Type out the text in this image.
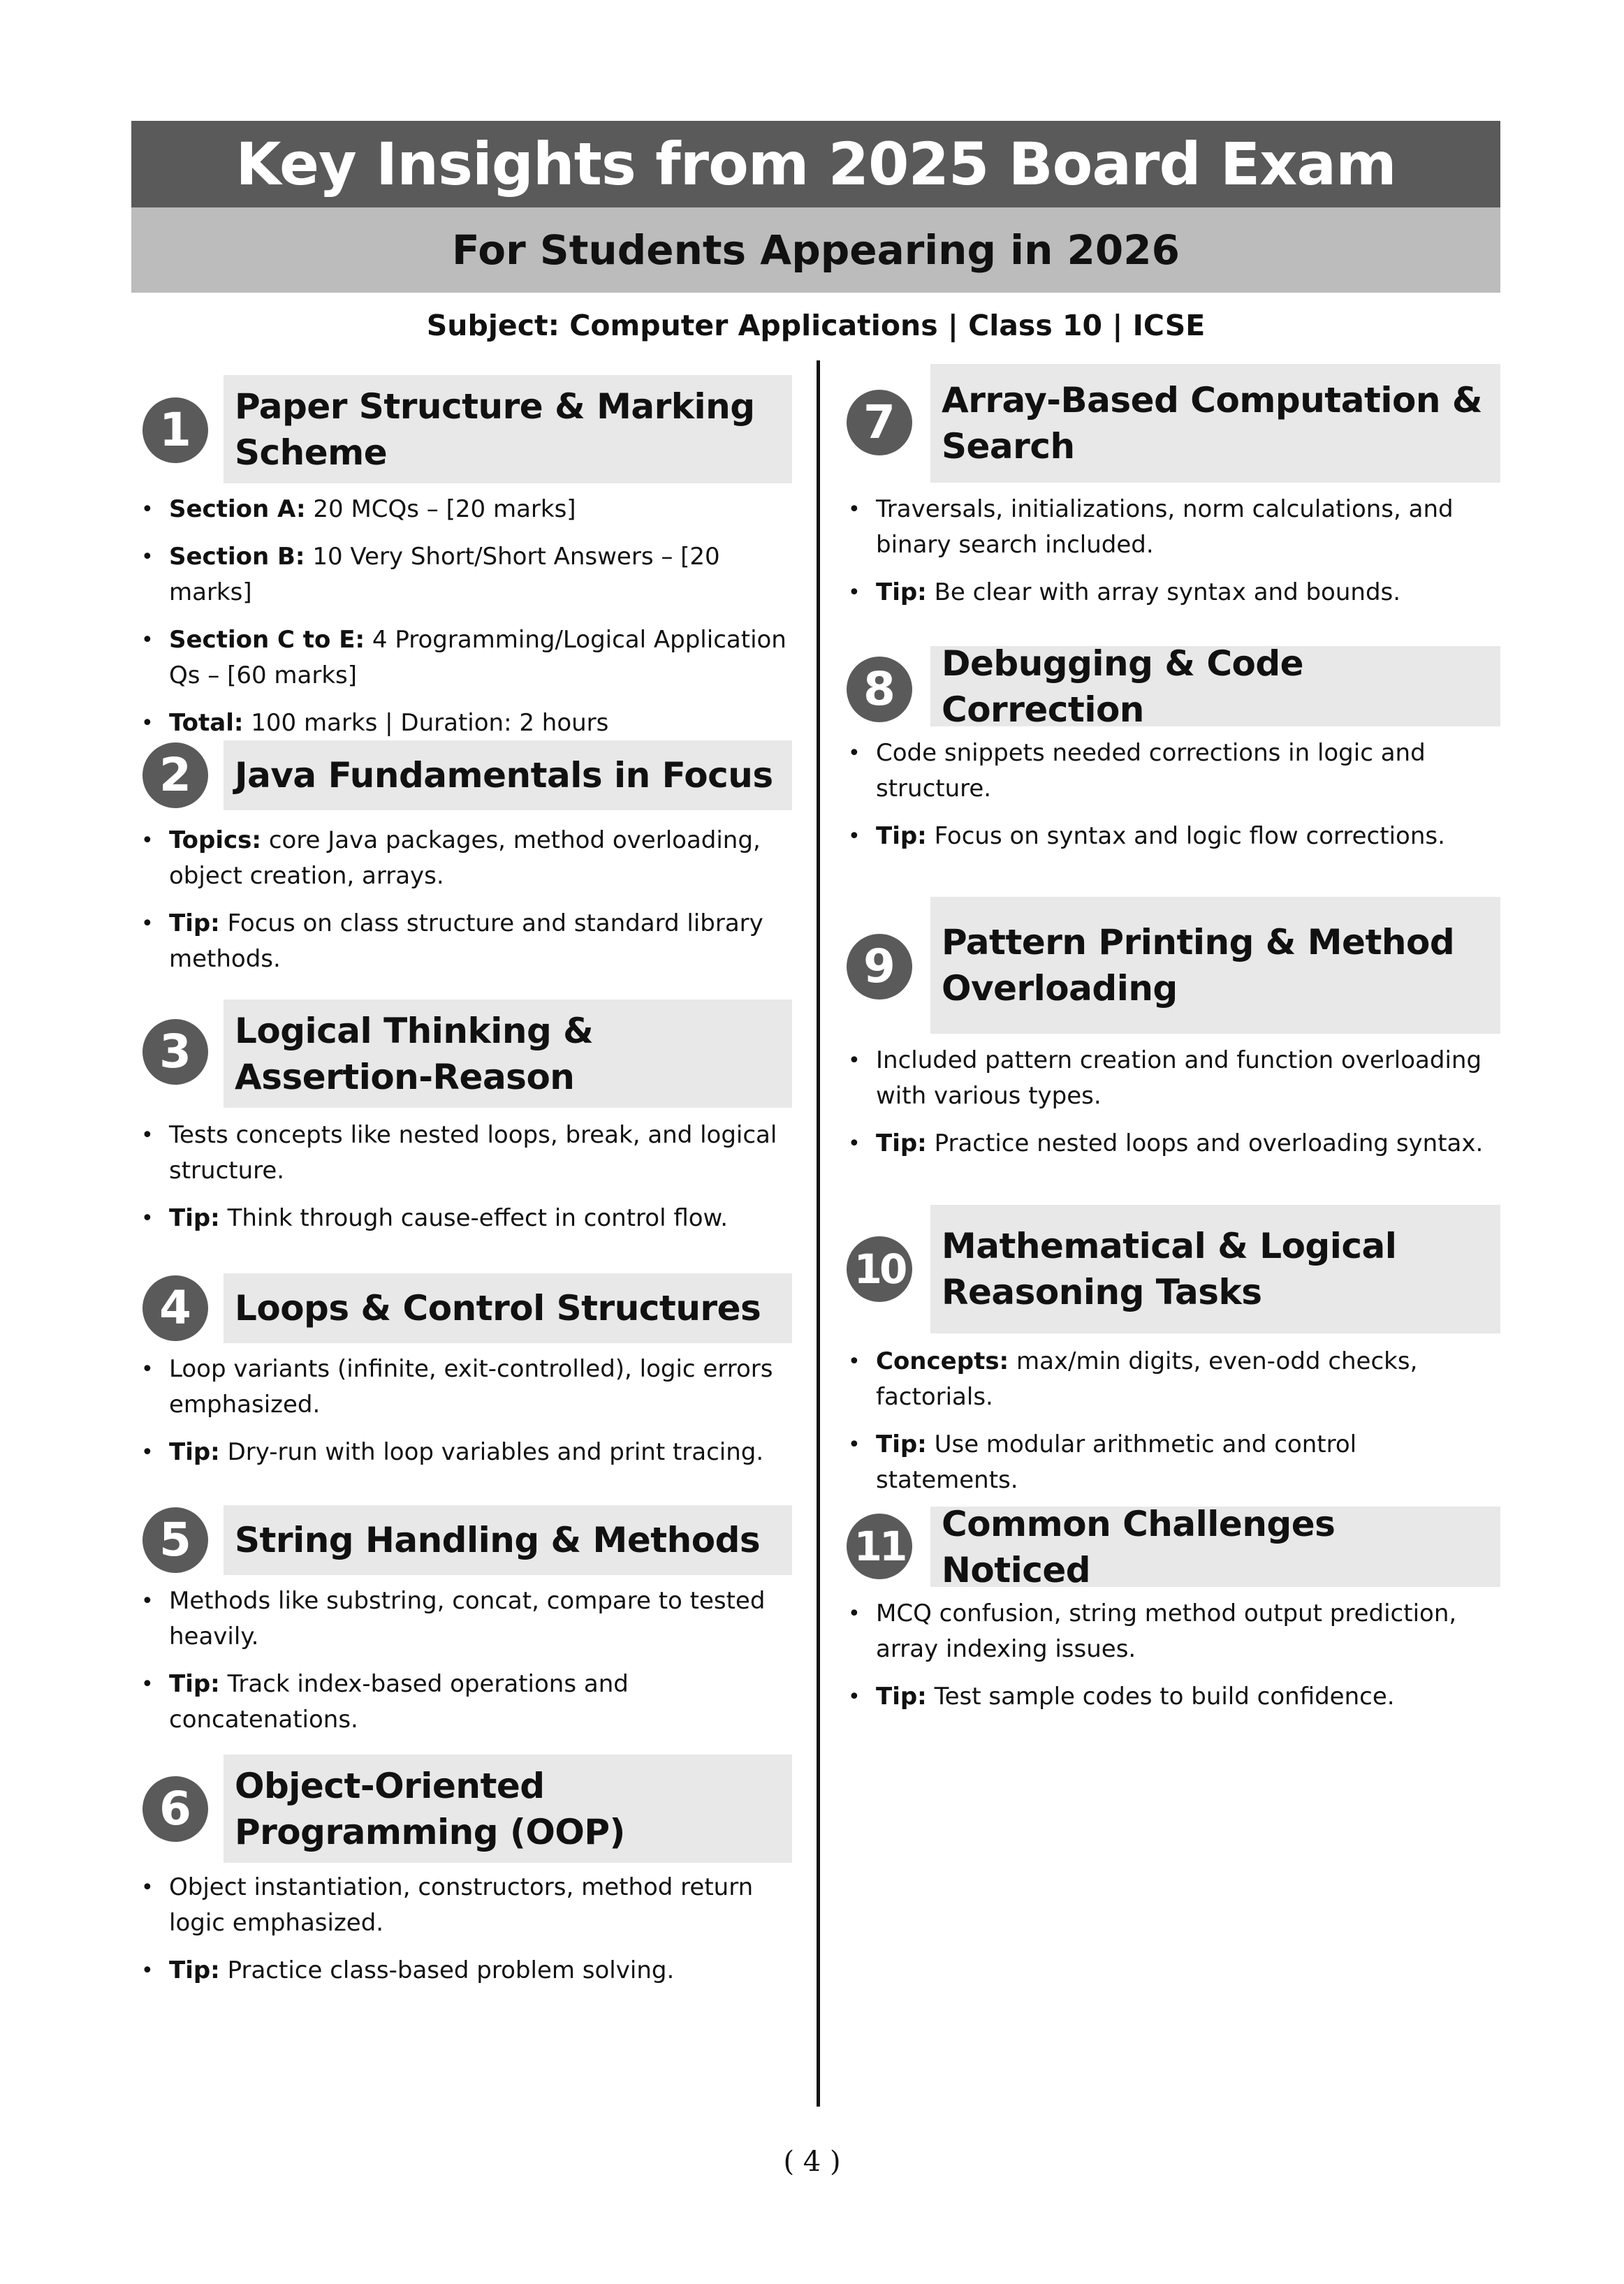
Key Insights from 2025 Board Exam
For Students Appearing in 2026
Subject: Computer Applications | Class 10 | ICSE
1	Paper Structure & Marking Scheme
• Section A: 20 MCQs – [20 marks]
• Section B: 10 Very Short/Short Answers – [20 marks]
• Section C to E: 4 Programming/Logical Application Qs – [60 marks]
• Total: 100 marks | Duration: 2 hours
2	Java Fundamentals in Focus
• Topics: core Java packages, method overloading, object creation, arrays.
• Tip: Focus on class structure and standard library methods.
3	Logical Thinking & Assertion-Reason
• Tests concepts like nested loops, break, and logical structure.
• Tip: Think through cause-effect in control flow.
4	Loops & Control Structures
• Loop variants (infinite, exit-controlled), logic errors emphasized.
• Tip: Dry-run with loop variables and print tracing.
5	String Handling & Methods
• Methods like substring, concat, compare to tested heavily.
• Tip: Track index-based operations and concatenations.
6	Object-Oriented Programming (OOP)
• Object instantiation, constructors, method return logic emphasized.
• Tip: Practice class-based problem solving.
7	Array-Based Computation & Search
• Traversals, initializations, norm calculations, and binary search included.
• Tip: Be clear with array syntax and bounds.
8	Debugging & Code Correction
• Code snippets needed corrections in logic and structure.
• Tip: Focus on syntax and logic flow corrections.
9	Pattern Printing & Method Overloading
• Included pattern creation and function overloading with various types.
• Tip: Practice nested loops and overloading syntax.
10 Mathematical & Logical Reasoning Tasks
• Concepts: max/min digits, even-odd checks, factorials.
• Tip: Use modular arithmetic and control statements.
11 Common Challenges Noticed
• MCQ confusion, string method output prediction, array indexing issues.
• Tip: Test sample codes to build confidence.
( 4 )
